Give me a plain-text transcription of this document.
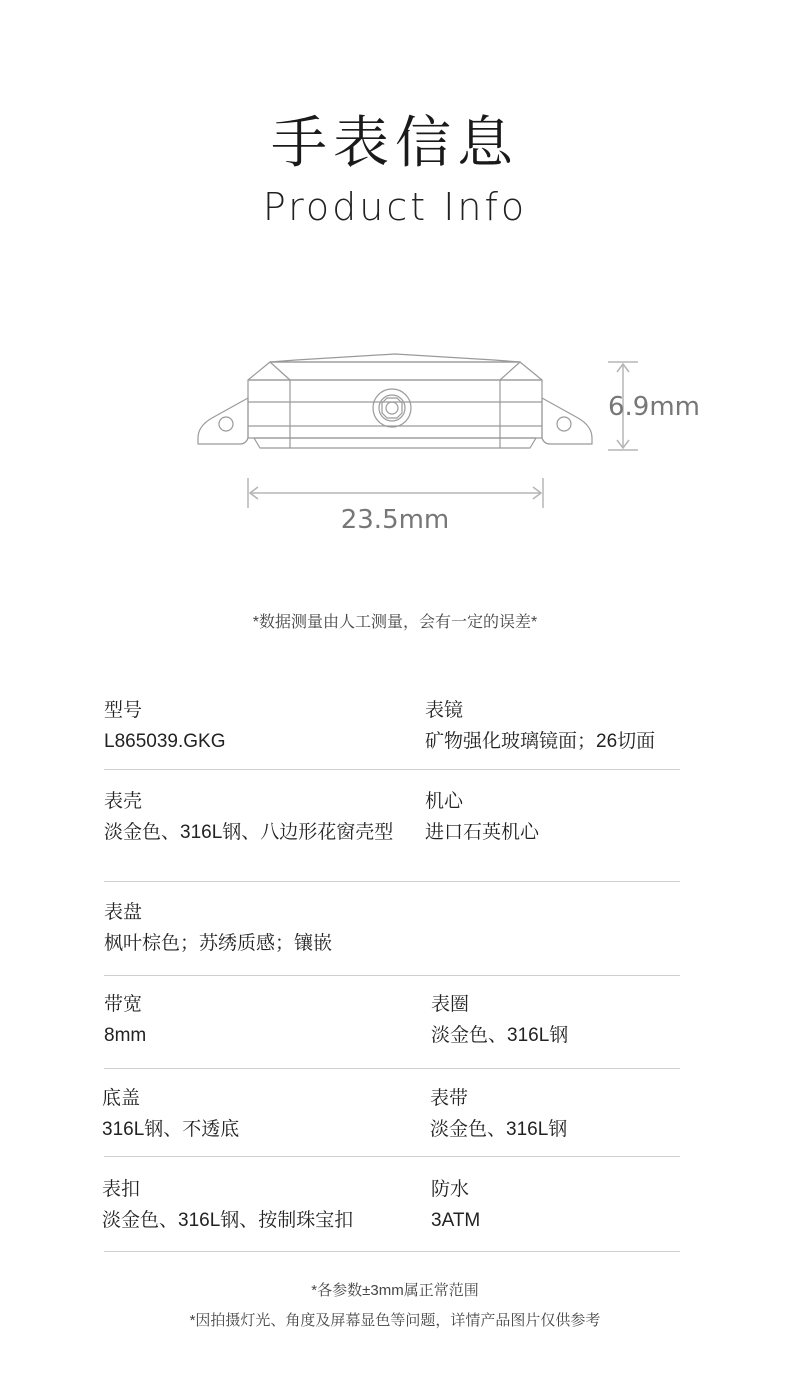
手表信息
Product Info
6.9mm
23.5mm
*数据测量由人工测量，会有一定的误差*
型号
L865039.GKG
表镜
矿物强化玻璃镜面；26切面
表壳
淡金色、316L钢、八边形花窗壳型
机心
进口石英机心
表盘
枫叶棕色；苏绣质感；镶嵌
带宽
8mm
表圈
淡金色、316L钢
底盖
316L钢、不透底
表带
淡金色、316L钢
表扣
淡金色、316L钢、按制珠宝扣
防水
3ATM
*各参数±3mm属正常范围
*因拍摄灯光、角度及屏幕显色等问题，详情产品图片仅供参考
